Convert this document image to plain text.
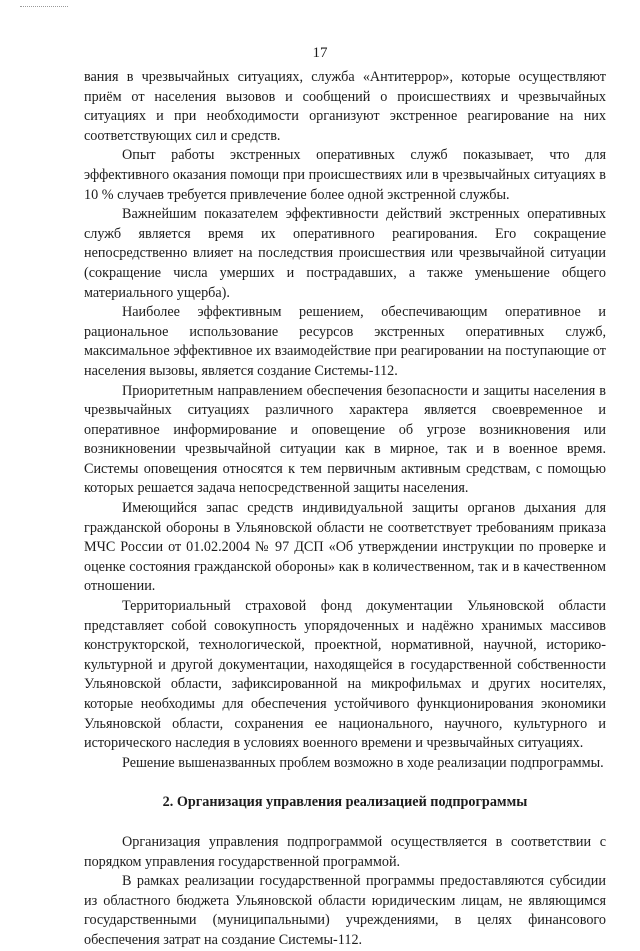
17

вания в чрезвычайных ситуациях, служба «Антитеррор», которые осуществляют приём от населения вызовов и сообщений о происшествиях и чрезвычайных ситуациях и при необходимости организуют экстренное реагирование на них соответствующих сил и средств.

Опыт работы экстренных оперативных служб показывает, что для эффективного оказания помощи при происшествиях или в чрезвычайных ситуациях в 10 % случаев требуется привлечение более одной экстренной службы.

Важнейшим показателем эффективности действий экстренных оперативных служб является время их оперативного реагирования. Его сокращение непосредственно влияет на последствия происшествия или чрезвычайной ситуации (сокращение числа умерших и пострадавших, а также уменьшение общего материального ущерба).

Наиболее эффективным решением, обеспечивающим оперативное и рациональное использование ресурсов экстренных оперативных служб, максимальное эффективное их взаимодействие при реагировании на поступающие от населения вызовы, является создание Системы-112.

Приоритетным направлением обеспечения безопасности и защиты населения в чрезвычайных ситуациях различного характера является своевременное и оперативное информирование и оповещение об угрозе возникновения или возникновении чрезвычайной ситуации как в мирное, так и в военное время. Системы оповещения относятся к тем первичным активным средствам, с помощью которых решается задача непосредственной защиты населения.

Имеющийся запас средств индивидуальной защиты органов дыхания для гражданской обороны в Ульяновской области не соответствует требованиям приказа МЧС России от 01.02.2004 № 97 ДСП «Об утверждении инструкции по проверке и оценке состояния гражданской обороны» как в количественном, так и в качественном отношении.

Территориальный страховой фонд документации Ульяновской области представляет собой совокупность упорядоченных и надёжно хранимых массивов конструкторской, технологической, проектной, нормативной, научной, историко-культурной и другой документации, находящейся в государственной собственности Ульяновской области, зафиксированной на микрофильмах и других носителях, которые необходимы для обеспечения устойчивого функционирования экономики Ульяновской области, сохранения ее национального, научного, культурного и исторического наследия в условиях военного времени и чрезвычайных ситуациях.

Решение вышеназванных проблем возможно в ходе реализации подпрограммы.

2. Организация управления реализацией подпрограммы

Организация управления подпрограммой осуществляется в соответствии с порядком управления государственной программой.

В рамках реализации государственной программы предоставляются субсидии из областного бюджета Ульяновской области юридическим лицам, не являющимся государственными (муниципальными) учреждениями, в целях финансового обеспечения затрат на создание Системы-112.
